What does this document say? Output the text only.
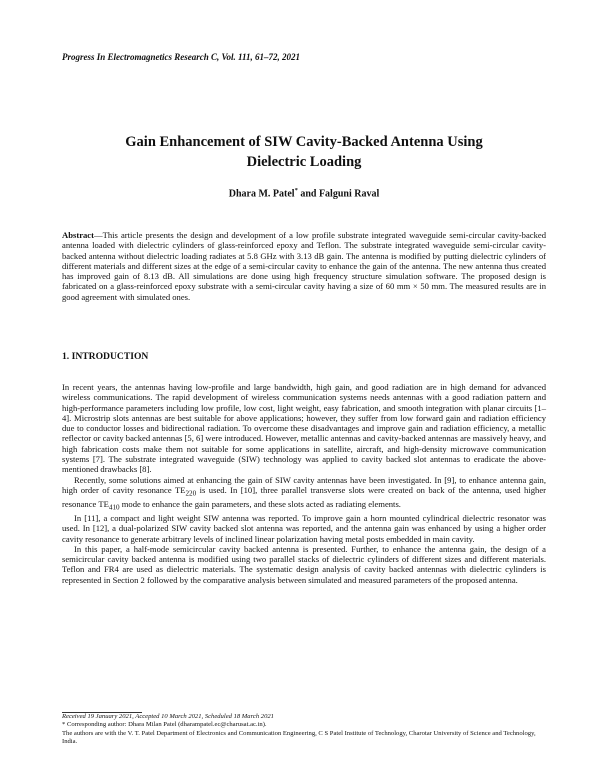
Progress In Electromagnetics Research C, Vol. 111, 61–72, 2021
Gain Enhancement of SIW Cavity-Backed Antenna Using
Dielectric Loading
Dhara M. Patel* and Falguni Raval
Abstract—This article presents the design and development of a low profile substrate integrated waveguide semi-circular cavity-backed antenna loaded with dielectric cylinders of glass-reinforced epoxy and Teflon. The substrate integrated waveguide semi-circular cavity-backed antenna without dielectric loading radiates at 5.8 GHz with 3.13 dB gain. The antenna is modified by putting dielectric cylinders of different materials and different sizes at the edge of a semi-circular cavity to enhance the gain of the antenna. The new antenna thus created has improved gain of 8.13 dB. All simulations are done using high frequency structure simulation software. The proposed design is fabricated on a glass-reinforced epoxy substrate with a semi-circular cavity having a size of 60 mm × 50 mm. The measured results are in good agreement with simulated ones.
1. INTRODUCTION

In recent years, the antennas having low-profile and large bandwidth, high gain, and good radiation are in high demand for advanced wireless communications. The rapid development of wireless communication systems needs antennas with a good radiation pattern and high-performance parameters including low profile, low cost, light weight, easy fabrication, and smooth integration with planar circuits [1–4]. Microstrip slots antennas are best suitable for above applications; however, they suffer from low forward gain and radiation efficiency due to conductor losses and bidirectional radiation. To overcome these disadvantages and improve gain and radiation efficiency, a metallic reflector or cavity backed antennas [5, 6] were introduced. However, metallic antennas and cavity-backed antennas are massively heavy, and high fabrication costs make them not suitable for some applications in satellite, aircraft, and high-density microwave communication systems [7]. The substrate integrated waveguide (SIW) technology was applied to cavity backed slot antennas to eradicate the above-mentioned drawbacks [8].

Recently, some solutions aimed at enhancing the gain of SIW cavity antennas have been investigated. In [9], to enhance antenna gain, high order of cavity resonance $TE_{220}$ is used. In [10], three parallel transverse slots were created on back of the antenna, used higher resonance $TE_{410}$ mode to enhance the gain parameters, and these slots acted as radiating elements.

In [11], a compact and light weight SIW antenna was reported. To improve gain a horn mounted cylindrical dielectric resonator was used. In [12], a dual-polarized SIW cavity backed slot antenna was reported, and the antenna gain was enhanced by using a higher order cavity resonance to generate arbitrary levels of inclined linear polarization having metal posts embedded in main cavity.

In this paper, a half-mode semicircular cavity backed antenna is presented. Further, to enhance the antenna gain, the design of a semicircular cavity backed antenna is modified using two parallel stacks of dielectric cylinders of different sizes and different materials. Teflon and FR4 are used as dielectric materials. The systematic design analysis of cavity backed antennas with dielectric cylinders is represented in Section 2 followed by the comparative analysis between simulated and measured parameters of the proposed antenna.

Received 19 January 2021, Accepted 10 March 2021, Scheduled 18 March 2021
* Corresponding author: Dhara Milan Patel (dharampatel.ec@charusat.ac.in).
The authors are with the V. T. Patel Department of Electronics and Communication Engineering, C S Patel Institute of Technology, Charotar University of Science and Technology, India.
